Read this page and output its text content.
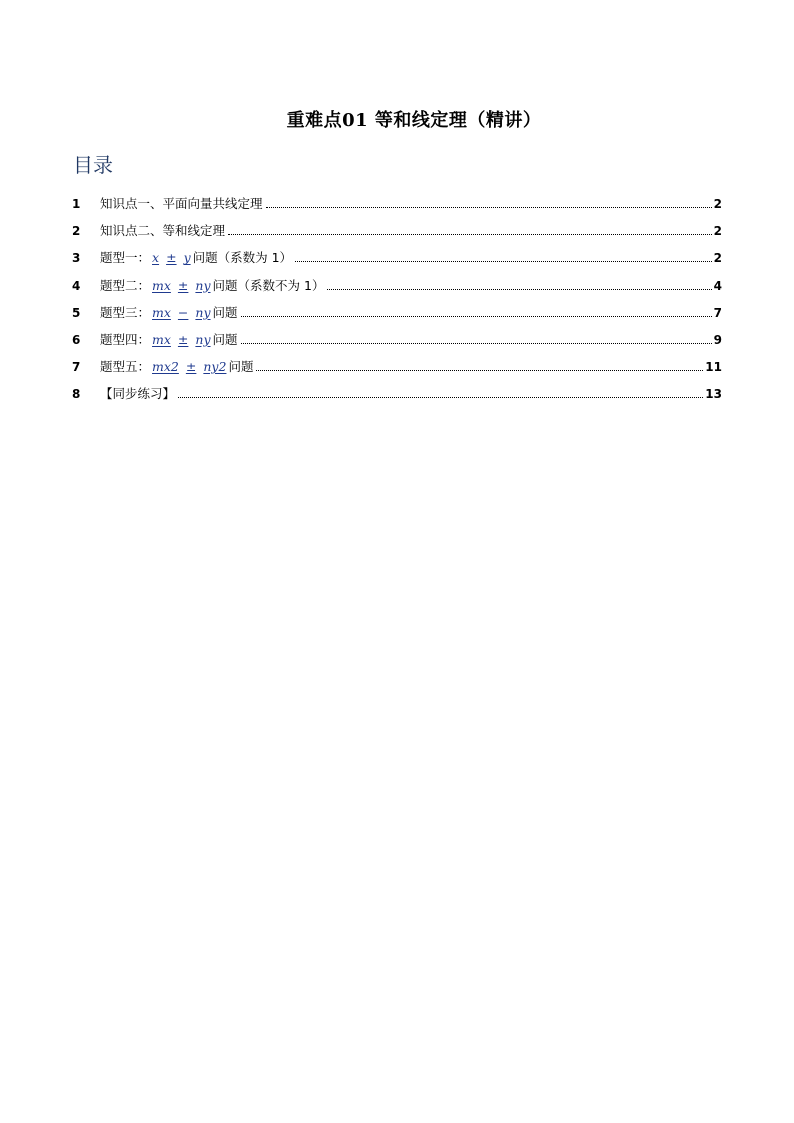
重难点01 等和线定理（精讲）
目录
1	知识点一、平面向量共线定理	2
2	知识点二、等和线定理	2
3	题型一： x ± y 问题（系数为 1）	2
4	题型二： mx ± ny 问题（系数不为 1）	4
5	题型三： mx − ny 问题	7
6	题型四： mx ± ny 问题	9
7	题型五： mx2 ± ny2 问题	11
8	【同步练习】	13
